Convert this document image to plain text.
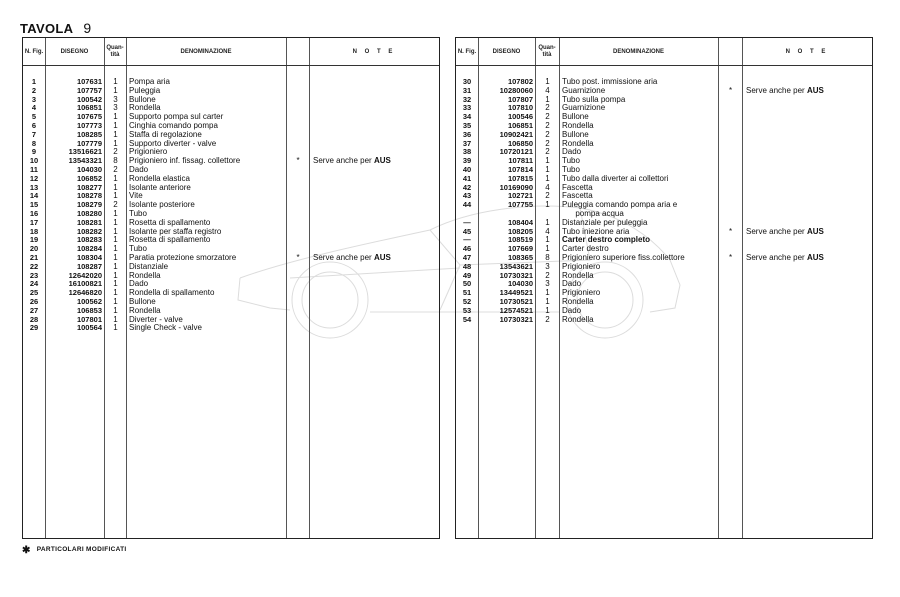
TAVOLA 9
N. Fig.	DISEGNO
Quan- tità
DENOMINAZIONE	N O T E
1	107631	1	Pompa aria
2	107757	1	Puleggia
3	100542	3	Bullone
4	106851	3	Rondella
5	107675	1	Supporto pompa sul carter
6	107773	1	Cinghia comando pompa
7	108285	1	Staffa di regolazione
8	107779	1	Supporto diverter - valve
9	13516621	2	Prigioniero
10	13543321	8	Prigioniero inf. fissag. collettore	*	Serve anche per AUS
11	104030	2	Dado
12	106852	1	Rondella elastica
13	108277	1	Isolante anteriore
14	108278	1	Vite
15	108279	2	Isolante posteriore
16	108280	1	Tubo
17	108281	1	Rosetta di spallamento
18	108282	1	Isolante per staffa registro
19	108283	1	Rosetta di spallamento
20	108284	1	Tubo
21	108304	1	Paratia protezione smorzatore	*	Serve anche per AUS
22	108287	1	Distanziale
23	12642020	1	Rondella
24	16100821	1	Dado
25	12646820	1	Rondella di spallamento
26	100562	1	Bullone
27	106853	1	Rondella
28	107801	1	Diverter - valve
29	100564	1	Single Check - valve
N. Fig.	DISEGNO
Quan- tità
DENOMINAZIONE	N O T E
30	107802	1	Tubo post. immissione aria
31	10280060	4	Guarnizione	*	Serve anche per AUS
32	107807	1	Tubo sulla pompa
33	107810	2	Guarnizione
34	100546	2	Bullone
35	106851	2	Rondella
36	10902421	2	Bullone
37	106850	2	Rondella
38	10720121	2	Dado
39	107811	1	Tubo
40	107814	1	Tubo
41	107815	1	Tubo dalla diverter ai collettori
42	10169090	4	Fascetta
43	102721	2	Fascetta
44	107755	1	Puleggia comando pompa aria e
pompa acqua
—	108404	1	Distanziale per puleggia
45	108205	4	Tubo iniezione aria	*	Serve anche per AUS
—	108519	1	Carter destro completo
46	107669	1	Carter destro
47	108365	8	Prigioniero superiore fiss.collettore	*	Serve anche per AUS
48	13543621	3	Prigioniero
49	10730321	2	Rondella
50	104030	3	Dado
51	13449521	1	Prigioniero
52	10730521	1	Rondella
53	12574521	1	Dado
54	10730321	2	Rondella
✱ PARTICOLARI MODIFICATI
